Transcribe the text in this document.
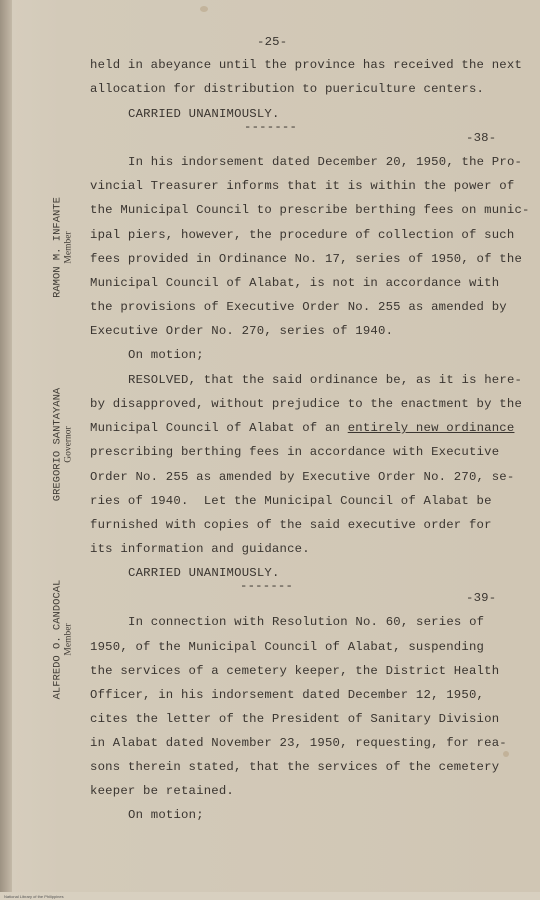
-25-
RAMON M. INFANTE Member
GREGORIO SANTAYANA Governor
ALFREDO O. CANDOCAL Member
held in abeyance until the province has received the next
allocation for distribution to puericulture centers.
CARRIED UNANIMOUSLY.
-------
-38-
In his indorsement dated December 20, 1950, the Pro-
vincial Treasurer informs that it is within the power of
the Municipal Council to prescribe berthing fees on munic-
ipal piers, however, the procedure of collection of such
fees provided in Ordinance No. 17, series of 1950, of the
Municipal Council of Alabat, is not in accordance with
the provisions of Executive Order No. 255 as amended by
Executive Order No. 270, series of 1940.
On motion;
RESOLVED, that the said ordinance be, as it is here-
by disapproved, without prejudice to the enactment by the
Municipal Council of Alabat of an entirely new ordinance
prescribing berthing fees in accordance with Executive
Order No. 255 as amended by Executive Order No. 270, se-
ries of 1940.  Let the Municipal Council of Alabat be
furnished with copies of the said executive order for
its information and guidance.
CARRIED UNANIMOUSLY.
-------
-39-
In connection with Resolution No. 60, series of
1950, of the Municipal Council of Alabat, suspending
the services of a cemetery keeper, the District Health
Officer, in his indorsement dated December 12, 1950,
cites the letter of the President of Sanitary Division
in Alabat dated November 23, 1950, requesting, for rea-
sons therein stated, that the services of the cemetery
keeper be retained.
On motion;
National Library of the Philippines
